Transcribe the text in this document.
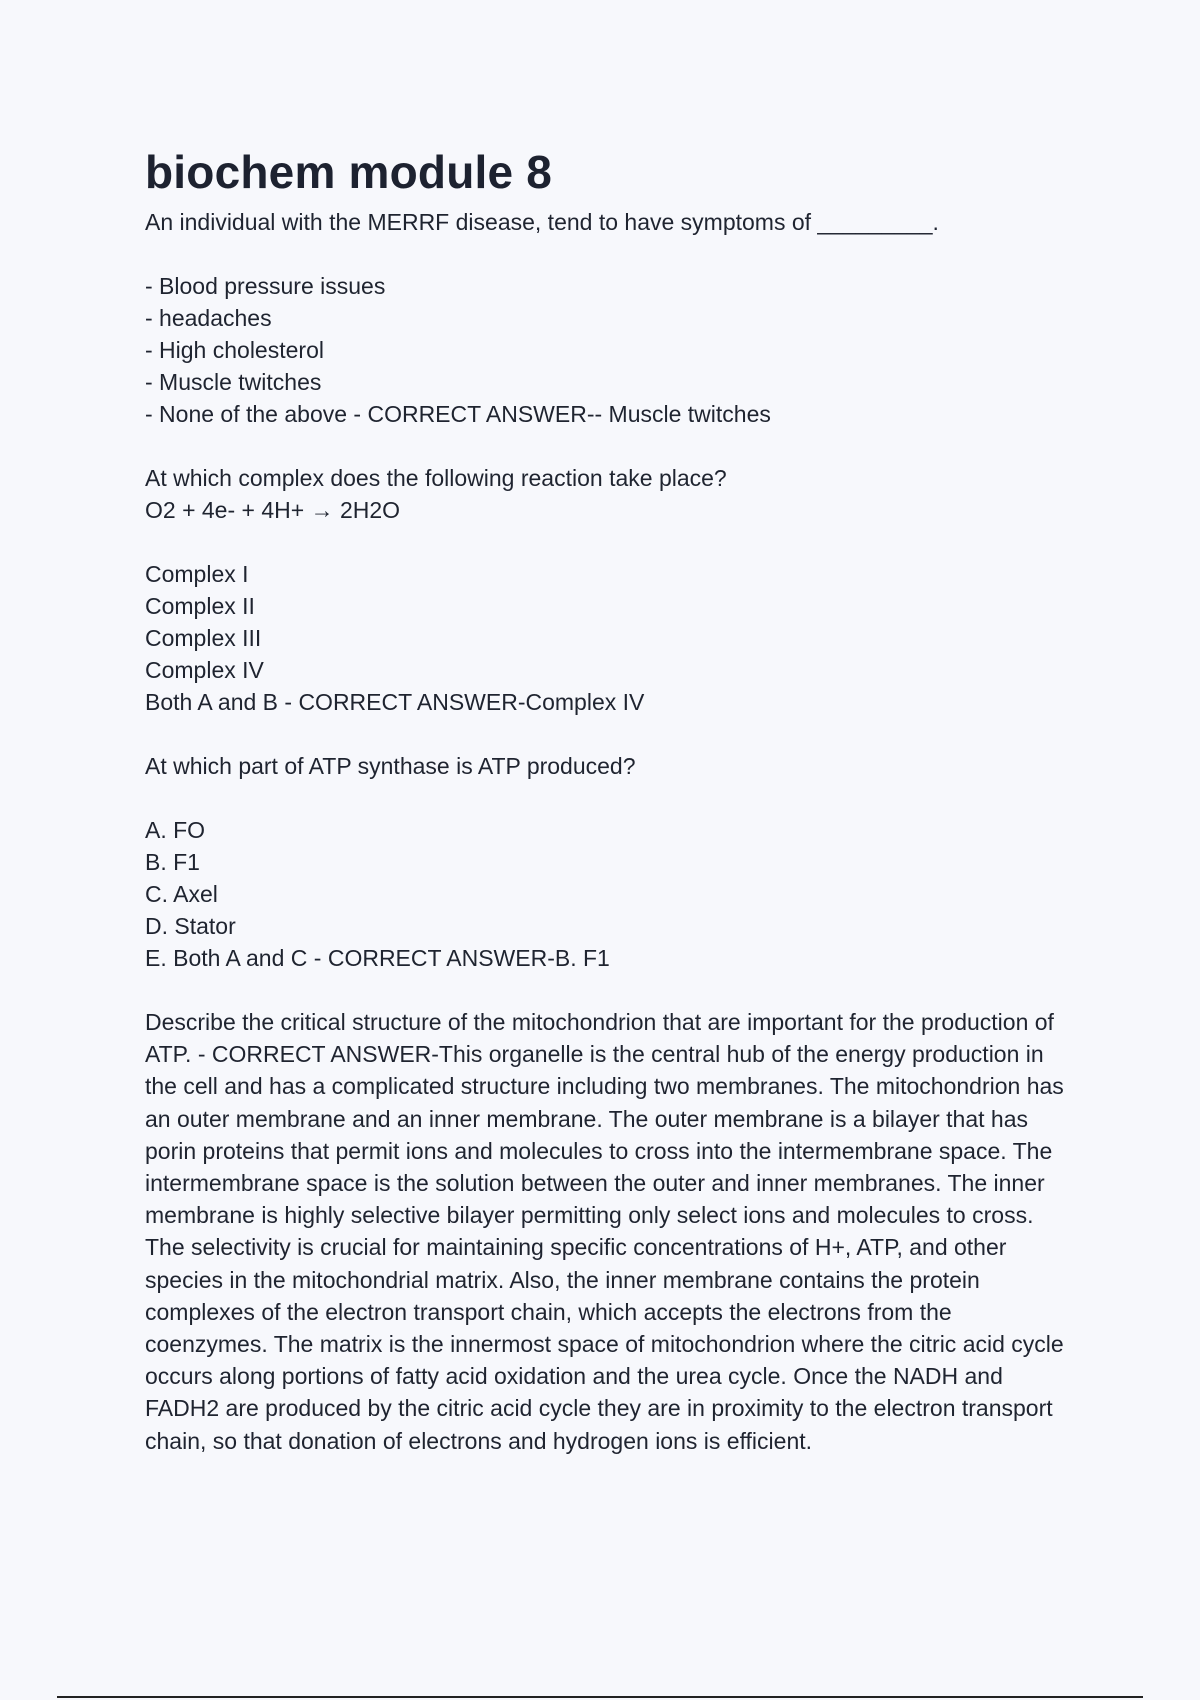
biochem module 8

An individual with the MERRF disease, tend to have symptoms of _________.

- Blood pressure issues

- headaches

- High cholesterol

- Muscle twitches

- None of the above - CORRECT ANSWER-- Muscle twitches

At which complex does the following reaction take place?

O2 + 4e- + 4H+ → 2H2O

Complex I

Complex II

Complex III

Complex IV

Both A and B - CORRECT ANSWER-Complex IV

At which part of ATP synthase is ATP produced?

A. FO

B. F1

C. Axel

D. Stator

E. Both A and C - CORRECT ANSWER-B. F1

Describe the critical structure of the mitochondrion that are important for the production of ATP. - CORRECT ANSWER-This organelle is the central hub of the energy production in the cell and has a complicated structure including two membranes. The mitochondrion has an outer membrane and an inner membrane. The outer membrane is a bilayer that has porin proteins that permit ions and molecules to cross into the intermembrane space. The intermembrane space is the solution between the outer and inner membranes. The inner membrane is highly selective bilayer permitting only select ions and molecules to cross. The selectivity is crucial for maintaining specific concentrations of H+, ATP, and other species in the mitochondrial matrix. Also, the inner membrane contains the protein complexes of the electron transport chain, which accepts the electrons from the coenzymes. The matrix is the innermost space of mitochondrion where the citric acid cycle occurs along portions of fatty acid oxidation and the urea cycle. Once the NADH and FADH2 are produced by the citric acid cycle they are in proximity to the electron transport chain, so that donation of electrons and hydrogen ions is efficient.
